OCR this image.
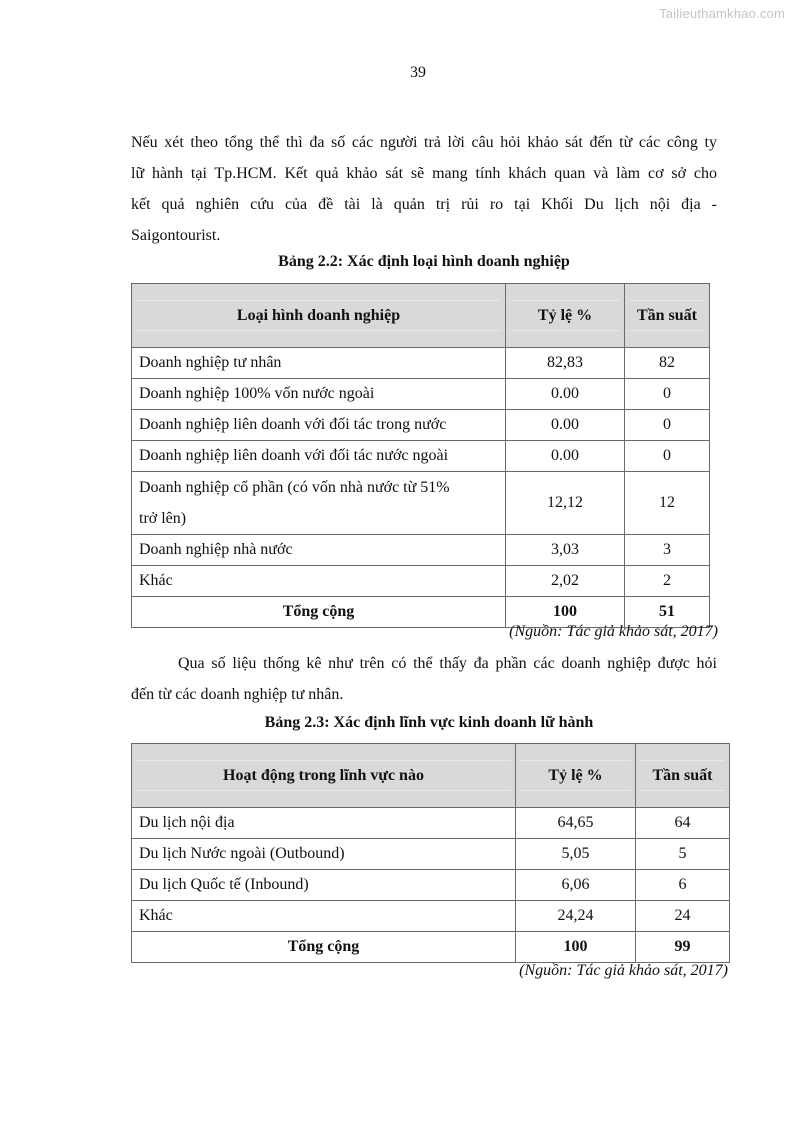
Tailieuthamkhao.com
39

Nếu xét theo tổng thể thì đa số các người trả lời câu hỏi khảo sát đến từ các công ty
lữ hành tại Tp.HCM. Kết quả khảo sát sẽ mang tính khách quan và làm cơ sở cho
kết quả nghiên cứu của đề tài là quản trị rủi ro tại Khối Du lịch nội địa -
Saigontourist.

Bảng 2.2: Xác định loại hình doanh nghiệp

Loại hình doanh nghiệp	Tỷ lệ %	Tần suất

Doanh nghiệp tư nhân	82,83	82
Doanh nghiệp 100% vốn nước ngoài	0.00	0
Doanh nghiệp liên doanh với đối tác trong nước	0.00	0
Doanh nghiệp liên doanh với đối tác nước ngoài	0.00	0

Doanh nghiệp cổ phần (có vốn nhà nước từ 51%
trở lên)	12,12	12
Doanh nghiệp nhà nước	3,03	3
Khác	2,02	2
Tổng cộng	100	51
(Nguồn: Tác giả khảo sát, 2017)

Qua số liệu thống kê như trên có thể thấy đa phần các doanh nghiệp được hỏi
đến từ các doanh nghiệp tư nhân.

Bảng 2.3: Xác định lĩnh vực kinh doanh lữ hành

Hoạt động trong lĩnh vực nào	Tỷ lệ %	Tần suất

Du lịch nội địa	64,65	64
Du lịch Nước ngoài (Outbound)	5,05	5
Du lịch Quốc tế (Inbound)	6,06	6
Khác	24,24	24
Tổng cộng	100	99
(Nguồn: Tác giả khảo sát, 2017)
